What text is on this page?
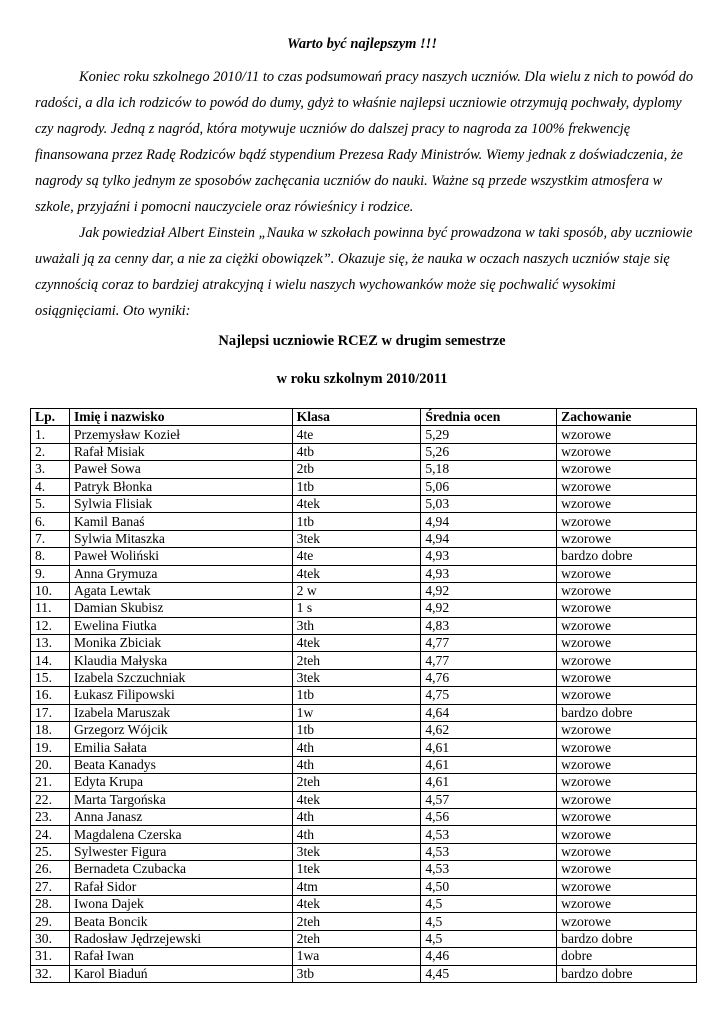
Warto być najlepszym !!!

Koniec roku szkolnego 2010/11 to czas podsumowań pracy naszych uczniów. Dla wielu z nich to powód do radości, a dla ich rodziców to powód do dumy, gdyż to właśnie najlepsi uczniowie otrzymują pochwały, dyplomy czy nagrody. Jedną z nagród, która motywuje uczniów do dalszej pracy to nagroda za 100% frekwencję finansowana przez Radę Rodziców bądź stypendium Prezesa Rady Ministrów. Wiemy jednak z doświadczenia, że nagrody są tylko jednym ze sposobów zachęcania uczniów do nauki. Ważne są przede wszystkim atmosfera w szkole, przyjaźni i pomocni nauczyciele oraz rówieśnicy i rodzice.

Jak powiedział Albert Einstein „Nauka w szkołach powinna być prowadzona w taki sposób, aby uczniowie uważali ją za cenny dar, a nie za ciężki obowiązek”. Okazuje się, że nauka w oczach naszych uczniów staje się czynnością coraz to bardziej atrakcyjną i wielu naszych wychowanków może się pochwalić wysokimi osiągnięciami. Oto wyniki:

Najlepsi uczniowie RCEZ w drugim semestrze
w roku szkolnym 2010/2011
Lp.	Imię i nazwisko	Klasa	Średnia ocen	Zachowanie
1.	Przemysław Kozieł	4te	5,29	wzorowe
2.	Rafał Misiak	4tb	5,26	wzorowe
3.	Paweł Sowa	2tb	5,18	wzorowe
4.	Patryk Błonka	1tb	5,06	wzorowe
5.	Sylwia Flisiak	4tek	5,03	wzorowe
6.	Kamil Banaś	1tb	4,94	wzorowe
7.	Sylwia Mitaszka	3tek	4,94	wzorowe
8.	Paweł Woliński	4te	4,93	bardzo dobre
9.	Anna Grymuza	4tek	4,93	wzorowe
10.	Agata Lewtak	2 w	4,92	wzorowe
11.	Damian Skubisz	1 s	4,92	wzorowe
12.	Ewelina Fiutka	3th	4,83	wzorowe
13.	Monika Zbiciak	4tek	4,77	wzorowe
14.	Klaudia Małyska	2teh	4,77	wzorowe
15.	Izabela Szczuchniak	3tek	4,76	wzorowe
16.	Łukasz Filipowski	1tb	4,75	wzorowe
17.	Izabela Maruszak	1w	4,64	bardzo dobre
18.	Grzegorz Wójcik	1tb	4,62	wzorowe
19.	Emilia Sałata	4th	4,61	wzorowe
20.	Beata Kanadys	4th	4,61	wzorowe
21.	Edyta Krupa	2teh	4,61	wzorowe
22.	Marta Targońska	4tek	4,57	wzorowe
23.	Anna Janasz	4th	4,56	wzorowe
24.	Magdalena Czerska	4th	4,53	wzorowe
25.	Sylwester Figura	3tek	4,53	wzorowe
26.	Bernadeta Czubacka	1tek	4,53	wzorowe
27.	Rafał Sidor	4tm	4,50	wzorowe
28.	Iwona Dajek	4tek	4,5	wzorowe
29.	Beata Boncik	2teh	4,5	wzorowe
30.	Radosław Jędrzejewski	2teh	4,5	bardzo dobre
31.	Rafał Iwan	1wa	4,46	dobre
32.	Karol Biaduń	3tb	4,45	bardzo dobre
